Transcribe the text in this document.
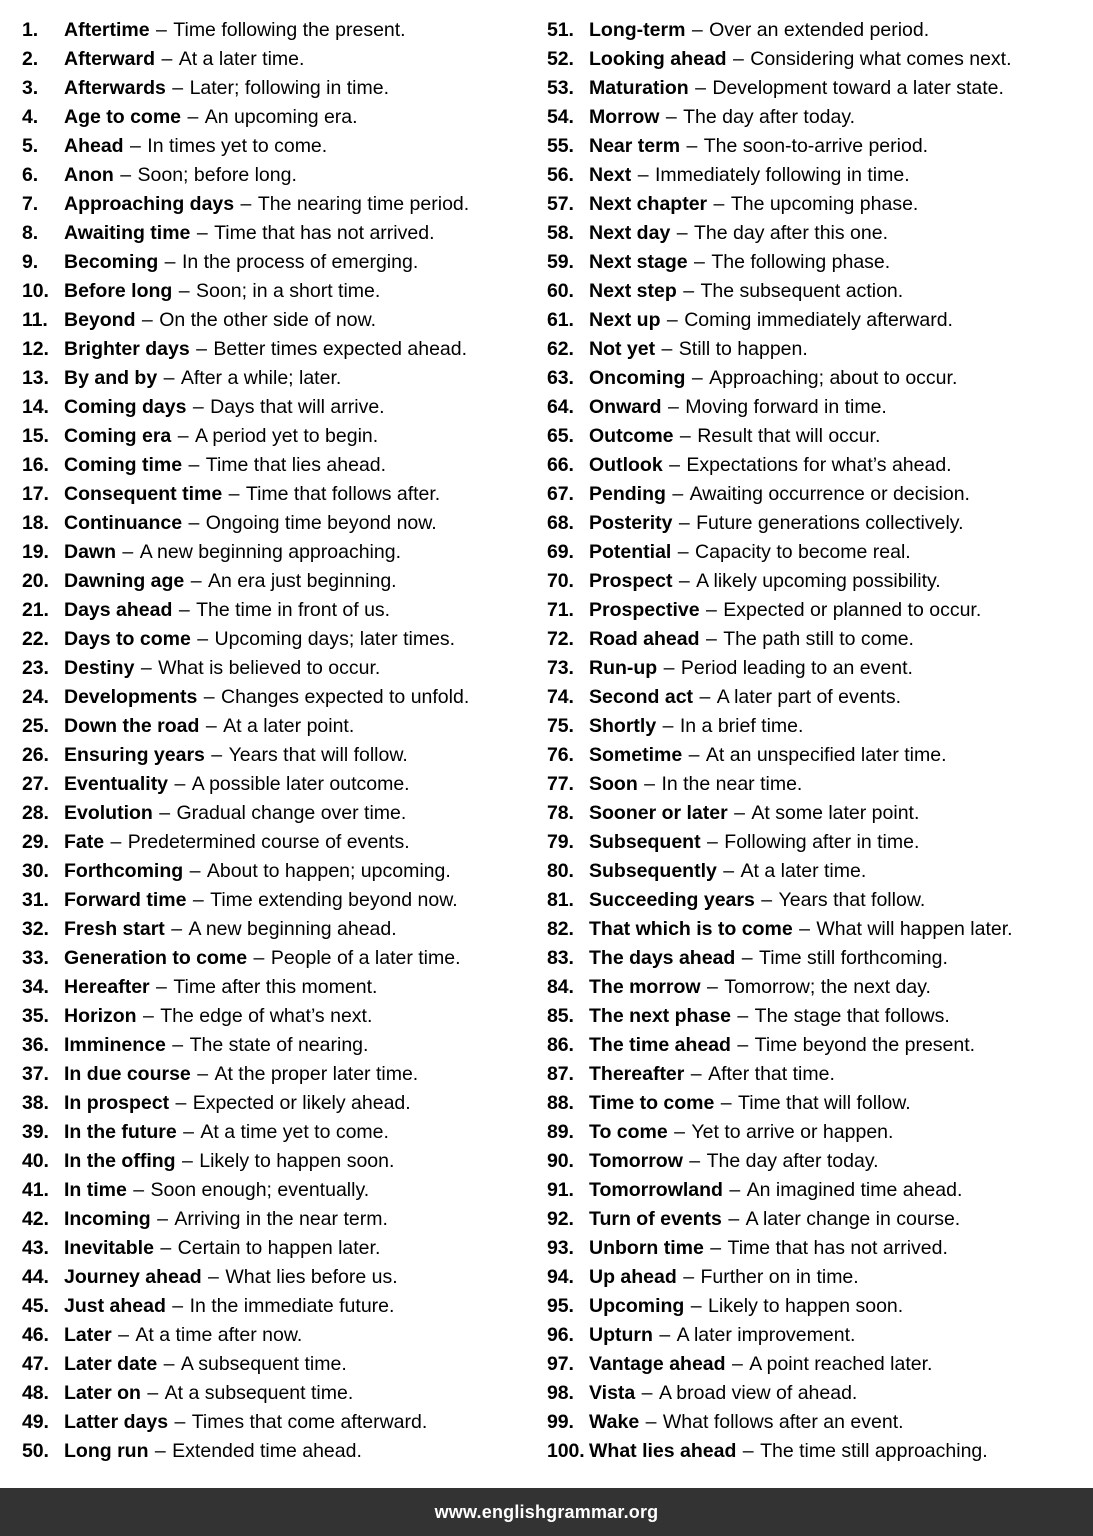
1.	Aftertime – Time following the present.
2.	Afterward – At a later time.
3.	Afterwards – Later; following in time.
4.	Age to come – An upcoming era.
5.	Ahead – In times yet to come.
6.	Anon – Soon; before long.
7.	Approaching days – The nearing time period.
8.	Awaiting time – Time that has not arrived.
9.	Becoming – In the process of emerging.
10. Before long – Soon; in a short time.
11. Beyond – On the other side of now.
12. Brighter days – Better times expected ahead.
13. By and by – After a while; later.
14. Coming days – Days that will arrive.
15. Coming era – A period yet to begin.
16. Coming time – Time that lies ahead.
17. Consequent time – Time that follows after.
18. Continuance – Ongoing time beyond now.
19. Dawn – A new beginning approaching.
20. Dawning age – An era just beginning.
21. Days ahead – The time in front of us.
22. Days to come – Upcoming days; later times.
23. Destiny – What is believed to occur.
24. Developments – Changes expected to unfold.
25. Down the road – At a later point.
26. Ensuring years – Years that will follow.
27. Eventuality – A possible later outcome.
28. Evolution – Gradual change over time.
29. Fate – Predetermined course of events.
30. Forthcoming – About to happen; upcoming.
31. Forward time – Time extending beyond now.
32. Fresh start – A new beginning ahead.
33. Generation to come – People of a later time.
34. Hereafter – Time after this moment.
35. Horizon – The edge of what’s next.
36. Imminence – The state of nearing.
37. In due course – At the proper later time.
38. In prospect – Expected or likely ahead.
39. In the future – At a time yet to come.
40. In the offing – Likely to happen soon.
41. In time – Soon enough; eventually.
42. Incoming – Arriving in the near term.
43. Inevitable – Certain to happen later.
44. Journey ahead – What lies before us.
45. Just ahead – In the immediate future.
46. Later – At a time after now.
47. Later date – A subsequent time.
48. Later on – At a subsequent time.
49. Latter days – Times that come afterward.
50. Long run – Extended time ahead.
51. Long-term – Over an extended period.
52. Looking ahead – Considering what comes next.
53. Maturation – Development toward a later state.
54. Morrow – The day after today.
55. Near term – The soon-to-arrive period.
56. Next – Immediately following in time.
57. Next chapter – The upcoming phase.
58. Next day – The day after this one.
59. Next stage – The following phase.
60. Next step – The subsequent action.
61. Next up – Coming immediately afterward.
62. Not yet – Still to happen.
63. Oncoming – Approaching; about to occur.
64. Onward – Moving forward in time.
65. Outcome – Result that will occur.
66. Outlook – Expectations for what’s ahead.
67. Pending – Awaiting occurrence or decision.
68. Posterity – Future generations collectively.
69. Potential – Capacity to become real.
70. Prospect – A likely upcoming possibility.
71. Prospective – Expected or planned to occur.
72. Road ahead – The path still to come.
73. Run-up – Period leading to an event.
74. Second act – A later part of events.
75. Shortly – In a brief time.
76. Sometime – At an unspecified later time.
77. Soon – In the near time.
78. Sooner or later – At some later point.
79. Subsequent – Following after in time.
80. Subsequently – At a later time.
81. Succeeding years – Years that follow.
82. That which is to come – What will happen later.
83. The days ahead – Time still forthcoming.
84. The morrow – Tomorrow; the next day.
85. The next phase – The stage that follows.
86. The time ahead – Time beyond the present.
87. Thereafter – After that time.
88. Time to come – Time that will follow.
89. To come – Yet to arrive or happen.
90. Tomorrow – The day after today.
91. Tomorrowland – An imagined time ahead.
92. Turn of events – A later change in course.
93. Unborn time – Time that has not arrived.
94. Up ahead – Further on in time.
95. Upcoming – Likely to happen soon.
96. Upturn – A later improvement.
97. Vantage ahead – A point reached later.
98. Vista – A broad view of ahead.
99. Wake – What follows after an event.
100. What lies ahead – The time still approaching.
www.englishgrammar.org
